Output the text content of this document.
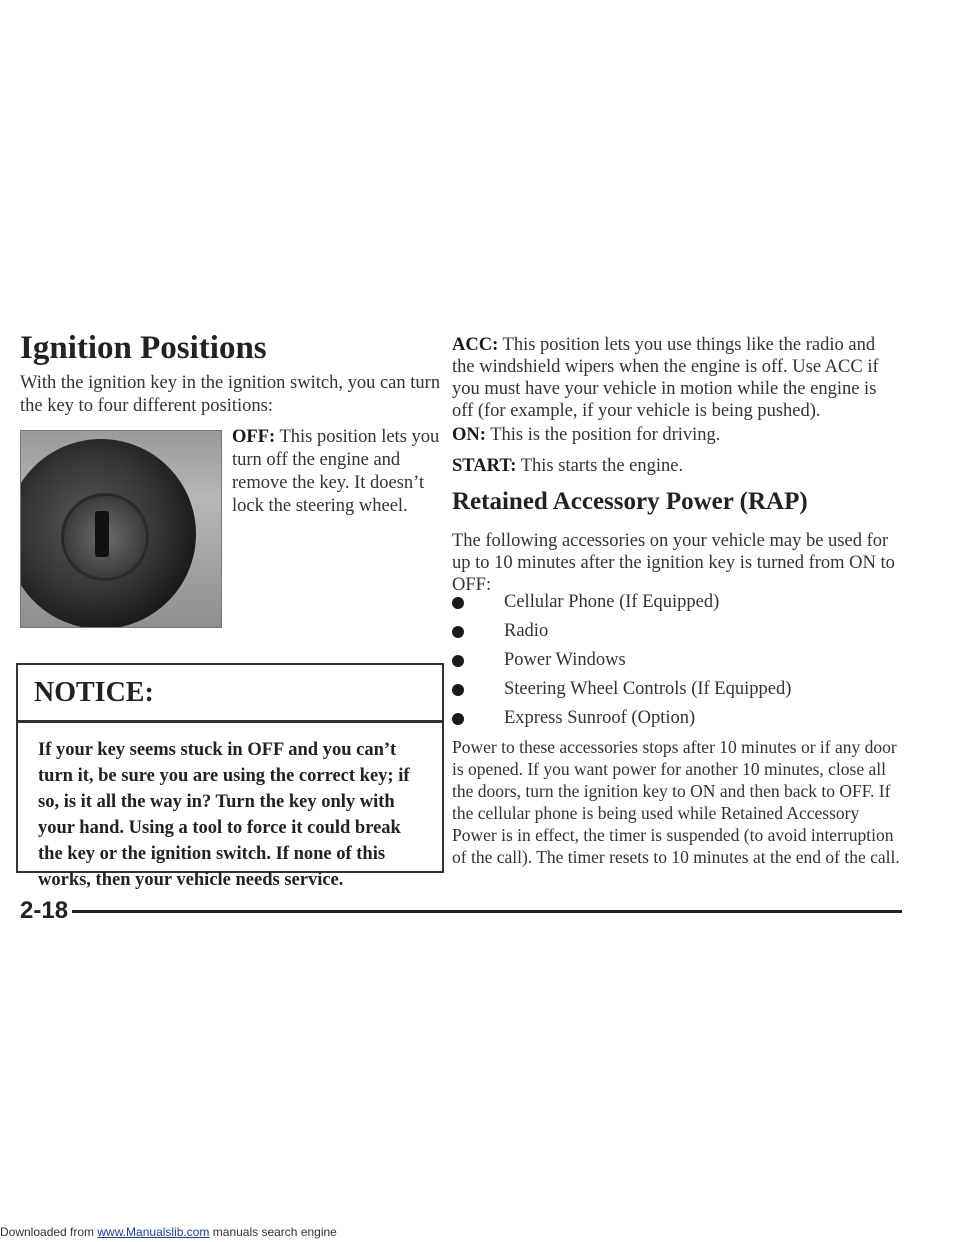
Ignition Positions
With the ignition key in the ignition switch, you can turn the key to four different positions:
OFF: This position lets you turn off the engine and remove the key. It doesn’t lock the steering wheel.
NOTICE:
If your key seems stuck in OFF and you can’t turn it, be sure you are using the correct key; if so, is it all the way in? Turn the key only with your hand. Using a tool to force it could break the key or the ignition switch. If none of this works, then your vehicle needs service.
ACC: This position lets you use things like the radio and the windshield wipers when the engine is off. Use ACC if you must have your vehicle in motion while the engine is off (for example, if your vehicle is being pushed).
ON: This is the position for driving.
START: This starts the engine.
Retained Accessory Power (RAP)
The following accessories on your vehicle may be used for up to 10 minutes after the ignition key is turned from ON to OFF:
Cellular Phone (If Equipped)
Radio
Power Windows
Steering Wheel Controls (If Equipped)
Express Sunroof (Option)
Power to these accessories stops after 10 minutes or if any door is opened. If you want power for another 10 minutes, close all the doors, turn the ignition key to ON and then back to OFF. If the cellular phone is being used while Retained Accessory Power is in effect, the timer is suspended (to avoid interruption of the call). The timer resets to 10 minutes at the end of the call.
2-18
Downloaded from www.Manualslib.com manuals search engine
